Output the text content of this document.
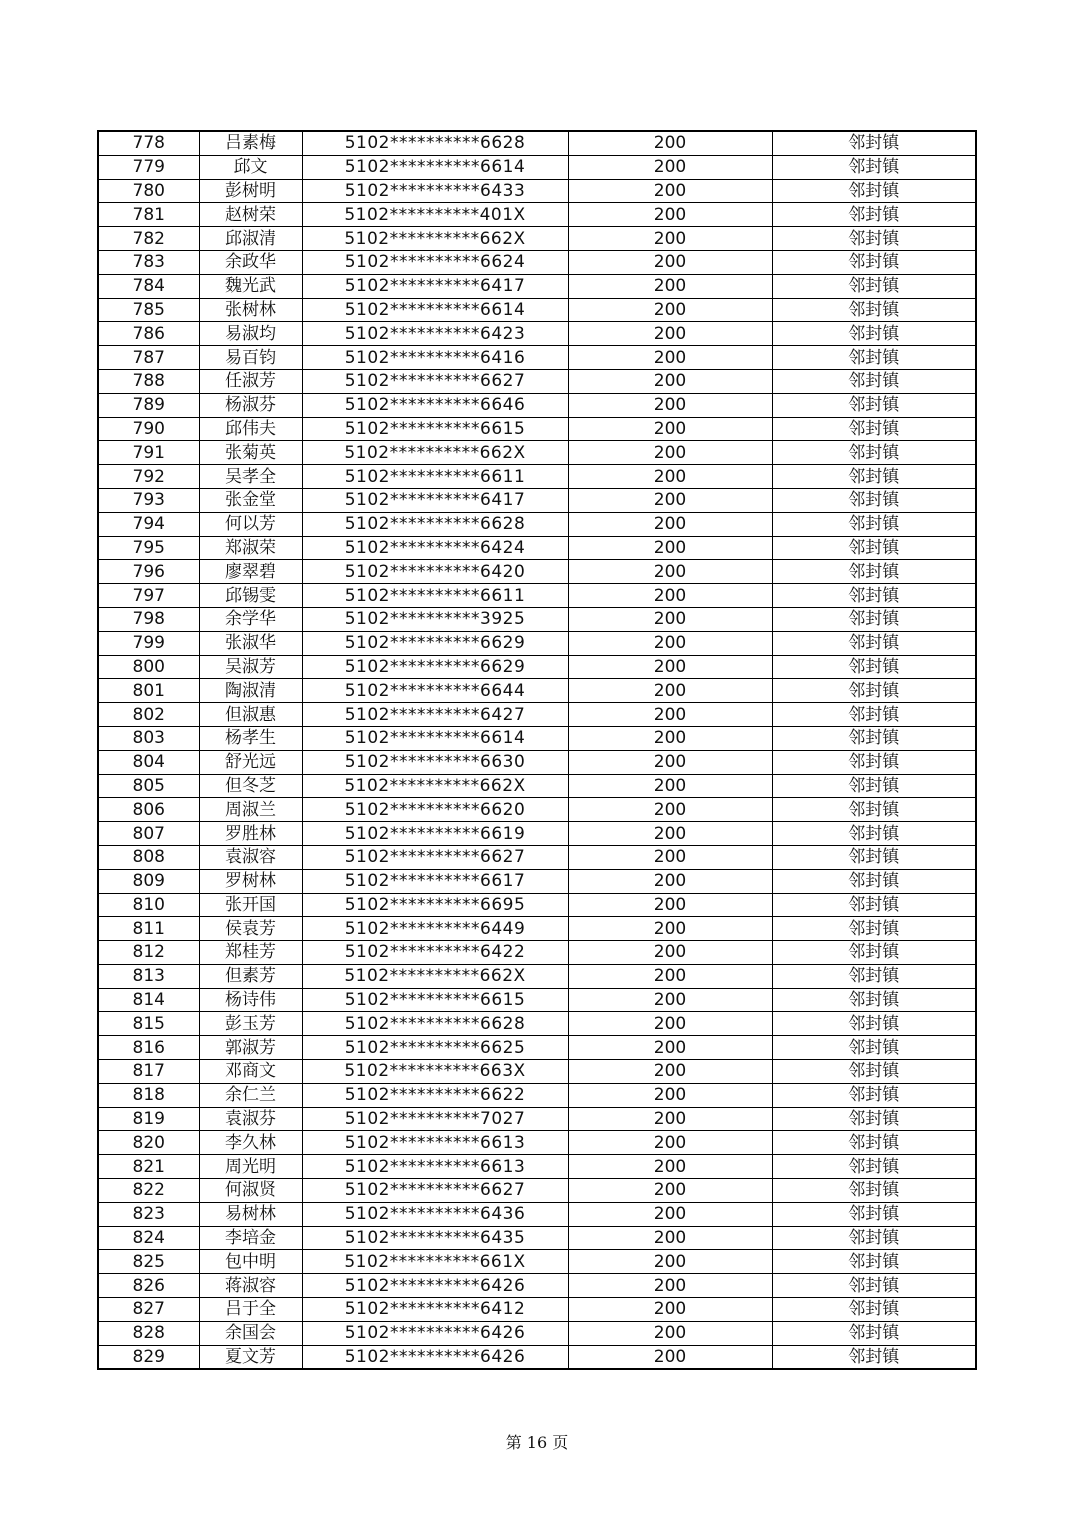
778	吕素梅	5102**********6628	200	邻封镇
779	邱文	5102**********6614	200	邻封镇
780	彭树明	5102**********6433	200	邻封镇
781	赵树荣	5102**********401X	200	邻封镇
782	邱淑清	5102**********662X	200	邻封镇
783	余政华	5102**********6624	200	邻封镇
784	魏光武	5102**********6417	200	邻封镇
785	张树林	5102**********6614	200	邻封镇
786	易淑均	5102**********6423	200	邻封镇
787	易百钧	5102**********6416	200	邻封镇
788	任淑芳	5102**********6627	200	邻封镇
789	杨淑芬	5102**********6646	200	邻封镇
790	邱伟夫	5102**********6615	200	邻封镇
791	张菊英	5102**********662X	200	邻封镇
792	吴孝全	5102**********6611	200	邻封镇
793	张金堂	5102**********6417	200	邻封镇
794	何以芳	5102**********6628	200	邻封镇
795	郑淑荣	5102**********6424	200	邻封镇
796	廖翠碧	5102**********6420	200	邻封镇
797	邱锡雯	5102**********6611	200	邻封镇
798	余学华	5102**********3925	200	邻封镇
799	张淑华	5102**********6629	200	邻封镇
800	吴淑芳	5102**********6629	200	邻封镇
801	陶淑清	5102**********6644	200	邻封镇
802	但淑惠	5102**********6427	200	邻封镇
803	杨孝生	5102**********6614	200	邻封镇
804	舒光远	5102**********6630	200	邻封镇
805	但冬芝	5102**********662X	200	邻封镇
806	周淑兰	5102**********6620	200	邻封镇
807	罗胜林	5102**********6619	200	邻封镇
808	袁淑容	5102**********6627	200	邻封镇
809	罗树林	5102**********6617	200	邻封镇
810	张开国	5102**********6695	200	邻封镇
811	侯袁芳	5102**********6449	200	邻封镇
812	郑桂芳	5102**********6422	200	邻封镇
813	但素芳	5102**********662X	200	邻封镇
814	杨诗伟	5102**********6615	200	邻封镇
815	彭玉芳	5102**********6628	200	邻封镇
816	郭淑芳	5102**********6625	200	邻封镇
817	邓商文	5102**********663X	200	邻封镇
818	余仁兰	5102**********6622	200	邻封镇
819	袁淑芬	5102**********7027	200	邻封镇
820	李久林	5102**********6613	200	邻封镇
821	周光明	5102**********6613	200	邻封镇
822	何淑贤	5102**********6627	200	邻封镇
823	易树林	5102**********6436	200	邻封镇
824	李培金	5102**********6435	200	邻封镇
825	包中明	5102**********661X	200	邻封镇
826	蒋淑容	5102**********6426	200	邻封镇
827	吕于全	5102**********6412	200	邻封镇
828	余国会	5102**********6426	200	邻封镇
829	夏文芳	5102**********6426	200	邻封镇
第 16 页
